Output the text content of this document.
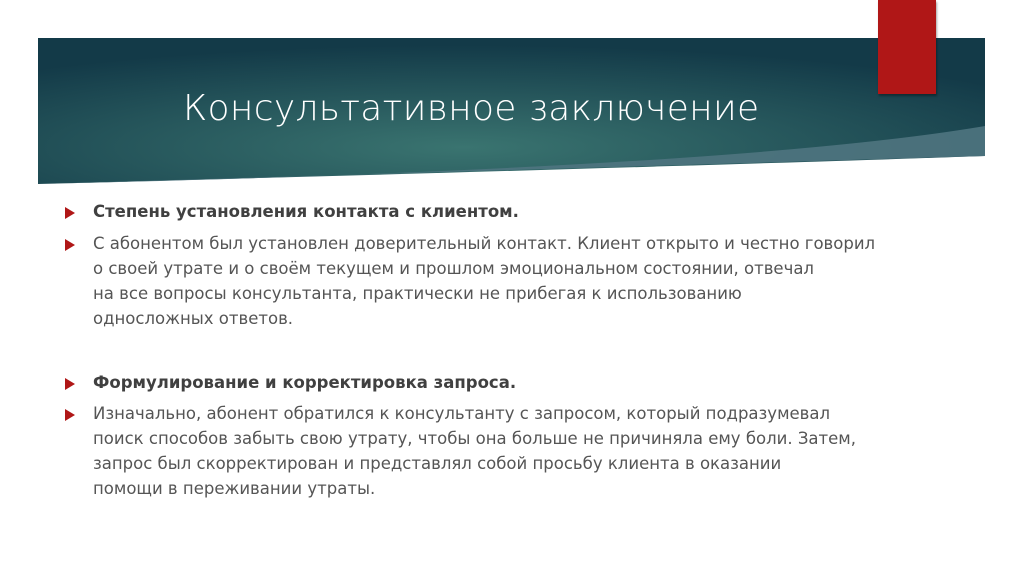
Консультативное заключение
Степень установления контакта с клиентом.
С абонентом был установлен доверительный контакт. Клиент открыто и честно говорил
о своей утрате и о своём текущем и прошлом эмоциональном состоянии, отвечал
на все вопросы консультанта, практически не прибегая к использованию
односложных ответов.
Формулирование и корректировка запроса.
Изначально, абонент обратился к консультанту с запросом, который подразумевал
поиск способов забыть свою утрату, чтобы она больше не причиняла ему боли. Затем,
запрос был скорректирован и представлял собой просьбу клиента в оказании
помощи в переживании утраты.
